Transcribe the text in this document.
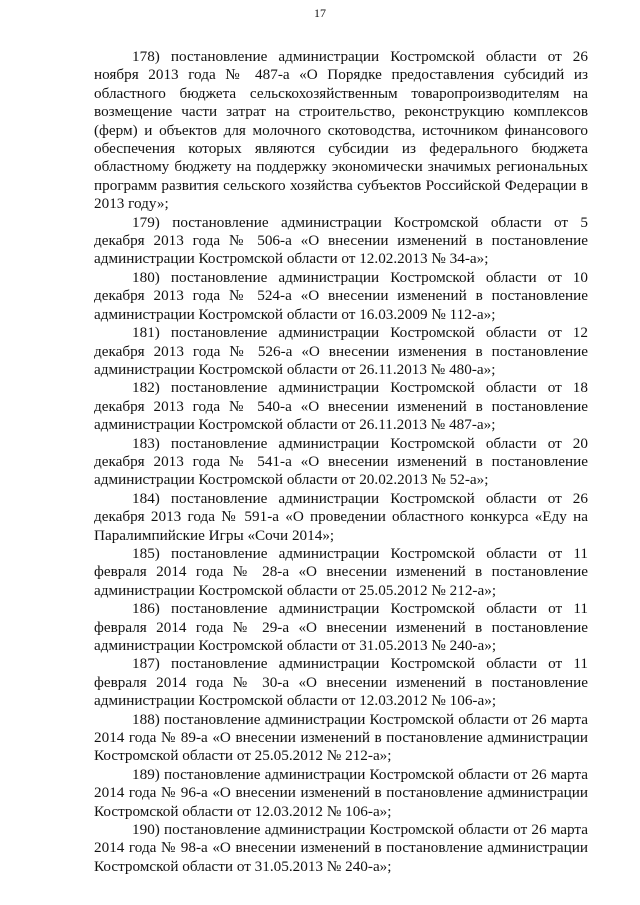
17

178) постановление администрации Костромской области от 26 ноября 2013 года № 487-а «О Порядке предоставления субсидий из областного бюджета сельскохозяйственным товаропроизводителям на возмещение части затрат на строительство, реконструкцию комплексов (ферм) и объектов для молочного скотоводства, источником финансового обеспечения которых являются субсидии из федерального бюджета областному бюджету на поддержку экономически значимых региональных программ развития сельского хозяйства субъектов Российской Федерации в 2013 году»;

179) постановление администрации Костромской области от 5 декабря 2013 года № 506-а «О внесении изменений в постановление администрации Костромской области от 12.02.2013 № 34-а»;

180) постановление администрации Костромской области от 10 декабря 2013 года № 524-а «О внесении изменений в постановление администрации Костромской области от 16.03.2009 № 112-а»;

181) постановление администрации Костромской области от 12 декабря 2013 года № 526-а «О внесении изменения в постановление администрации Костромской области от 26.11.2013 № 480-а»;

182) постановление администрации Костромской области от 18 декабря 2013 года № 540-а «О внесении изменений в постановление администрации Костромской области от 26.11.2013 № 487-а»;

183) постановление администрации Костромской области от 20 декабря 2013 года № 541-а «О внесении изменений в постановление администрации Костромской области от 20.02.2013 № 52-а»;

184) постановление администрации Костромской области от 26 декабря 2013 года № 591-а «О проведении областного конкурса «Еду на Паралимпийские Игры «Сочи 2014»;

185) постановление администрации Костромской области от 11 февраля 2014 года № 28-а «О внесении изменений в постановление администрации Костромской области от 25.05.2012 № 212-а»;

186) постановление администрации Костромской области от 11 февраля 2014 года № 29-а «О внесении изменений в постановление администрации Костромской области от 31.05.2013 № 240-а»;

187) постановление администрации Костромской области от 11 февраля 2014 года № 30-а «О внесении изменений в постановление администрации Костромской области от 12.03.2012 № 106-а»;

188) постановление администрации Костромской области от 26 марта 2014 года № 89-а «О внесении изменений в постановление администрации Костромской области от 25.05.2012 № 212-а»;

189) постановление администрации Костромской области от 26 марта 2014 года № 96-а «О внесении изменений в постановление администрации Костромской области от 12.03.2012 № 106-а»;

190) постановление администрации Костромской области от 26 марта 2014 года № 98-а «О внесении изменений в постановление администрации Костромской области от 31.05.2013 № 240-а»;
